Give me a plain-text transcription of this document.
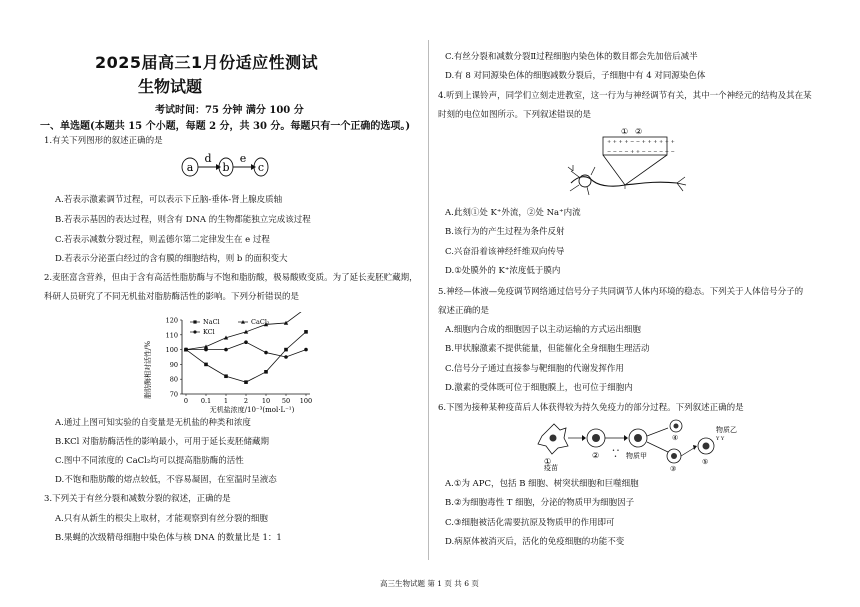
2025届高三1月份适应性测试
生物试题
考试时间：75 分钟 满分 100 分
一、单选题(本题共 15 个小题，每题 2 分，共 30 分。每题只有一个正确的选项。)
1.有关下列图形的叙述正确的是
a
d
b
e
c
A.若表示激素调节过程，可以表示下丘脑-垂体-肾上腺皮质轴
B.若表示基因的表达过程，则含有 DNA 的生物都能独立完成该过程
C.若表示减数分裂过程，则孟德尔第二定律发生在 e 过程
D.若表示分泌蛋白经过的含有膜的细胞结构，则 b 的面积变大
2.麦胚富含营养，但由于含有高活性脂肪酶与不饱和脂肪酸，极易酸败变质。为了延长麦胚贮藏期，
科研人员研究了不同无机盐对脂肪酶活性的影响。下列分析错误的是
脂肪酶相对活性/%	70
80
90
100
110
120
0 0.1 1 2 10 50 100
NaCl	CaCl₂
KCl
无机盐浓度/10⁻³(mol·L⁻¹)
A.通过上图可知实验的自变量是无机盐的种类和浓度
B.KCl 对脂肪酶活性的影响最小，可用于延长麦胚储藏期
C.图中不同浓度的 CaCl₂均可以提高脂肪酶的活性
D.不饱和脂肪酸的熔点较低，不容易凝固，在室温时呈液态
3.下列关于有丝分裂和减数分裂的叙述，正确的是
A.只有从新生的根尖上取材，才能观察到有丝分裂的细胞
B.果蝇的次级精母细胞中染色体与核 DNA 的数量比是 1：1
C.有丝分裂和减数分裂Ⅱ过程细胞内染色体的数目都会先加倍后减半
D.有 8 对同源染色体的细胞减数分裂后，子细胞中有 4 对同源染色体
4.听到上课铃声，同学们立刻走进教室，这一行为与神经调节有关，其中一个神经元的结构及其在某
时刻的电位如图所示。下列叙述错误的是
① ②
+ + + + − − + + + + + +
− − − − + + − − − − − −
A.此刻①处 K⁺外流，②处 Na⁺内流
B.该行为的产生过程为条件反射
C.兴奋沿着该神经纤维双向传导
D.①处膜外的 K⁺浓度低于膜内
5.神经—体液—免疫调节网络通过信号分子共同调节人体内环境的稳态。下列关于人体信号分子的
叙述正确的是
A.细胞内合成的细胞因子以主动运输的方式运出细胞
B.甲状腺激素不提供能量，但能催化全身细胞生理活动
C.信号分子通过直接参与靶细胞的代谢发挥作用
D.激素的受体既可位于细胞膜上，也可位于细胞内
6.下图为接种某种疫苗后人体获得较为持久免疫力的部分过程。下列叙述正确的是
①
疫苗
②	• •
• 物质甲
④
③
⑤
Y Y
物质乙
A.①为 APC，包括 B 细胞、树突状细胞和巨噬细胞
B.②为细胞毒性 T 细胞，分泌的物质甲为细胞因子
C.③细胞被活化需要抗原及物质甲的作用即可
D.病原体被消灭后，活化的免疫细胞的功能不变
高三生物试题 第 1 页 共 6 页
